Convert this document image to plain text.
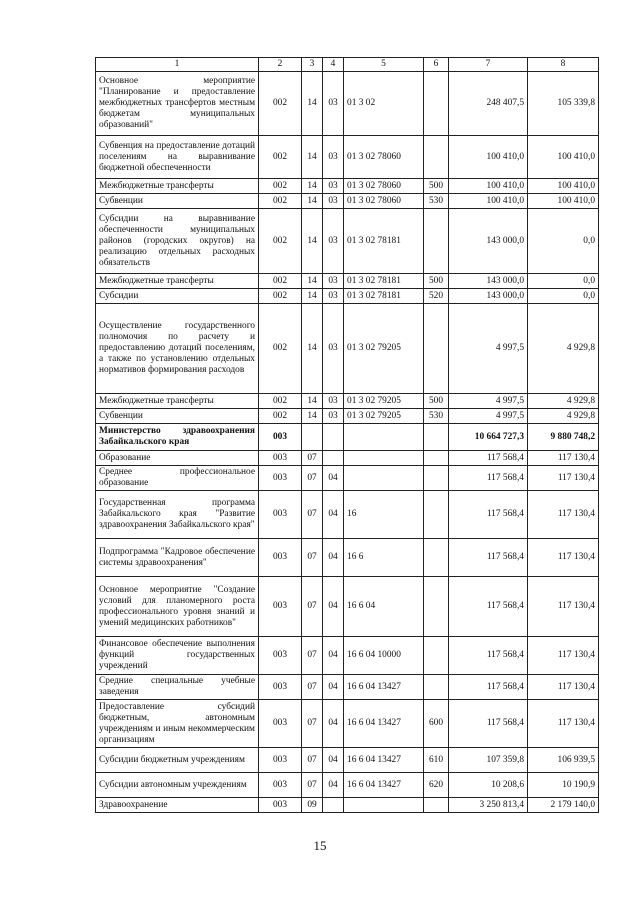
1	2	3	4	5	6	7	8
Основное мероприятие "Планирование и предоставление межбюджетных трансфертов местным бюджетам муниципальных образований"	002	14	03	01 3 02		248 407,5	105 339,8
Субвенция на предоставление дотаций поселениям на выравнивание бюджетной обеспеченности	002	14	03	01 3 02 78060		100 410,0	100 410,0
Межбюджетные трансферты	002	14	03	01 3 02 78060	500	100 410,0	100 410,0
Субвенции	002	14	03	01 3 02 78060	530	100 410,0	100 410,0
Субсидии на выравнивание обеспеченности муниципальных районов (городских округов) на реализацию отдельных расходных обязательств	002	14	03	01 3 02 78181		143 000,0	0,0
Межбюджетные трансферты	002	14	03	01 3 02 78181	500	143 000,0	0,0
Субсидии	002	14	03	01 3 02 78181	520	143 000,0	0,0
Осуществление государственного полномочия по расчету и предоставлению дотаций поселениям, а также по установлению отдельных нормативов формирования расходов	002	14	03	01 3 02 79205		4 997,5	4 929,8
Межбюджетные трансферты	002	14	03	01 3 02 79205	500	4 997,5	4 929,8
Субвенции	002	14	03	01 3 02 79205	530	4 997,5	4 929,8
Министерство здравоохранения Забайкальского края	003					10 664 727,3	9 880 748,2
Образование	003	07				117 568,4	117 130,4
Среднее профессиональное образование	003	07	04			117 568,4	117 130,4
Государственная программа Забайкальского края "Развитие здравоохранения Забайкальского края"	003	07	04	16		117 568,4	117 130,4
Подпрограмма "Кадровое обеспечение системы здравоохранения"	003	07	04	16 6		117 568,4	117 130,4
Основное мероприятие "Создание условий для планомерного роста профессионального уровня знаний и умений медицинских работников"	003	07	04	16 6 04		117 568,4	117 130,4
Финансовое обеспечение выполнения функций государственных учреждений	003	07	04	16 6 04 10000		117 568,4	117 130,4
Средние специальные учебные заведения	003	07	04	16 6 04 13427		117 568,4	117 130,4
Предоставление субсидий бюджетным, автономным учреждениям и иным некоммерческим организациям	003	07	04	16 6 04 13427	600	117 568,4	117 130,4
Субсидии бюджетным учреждениям	003	07	04	16 6 04 13427	610	107 359,8	106 939,5
Субсидии автономным учреждениям	003	07	04	16 6 04 13427	620	10 208,6	10 190,9
Здравоохранение	003	09				3 250 813,4	2 179 140,0
15
